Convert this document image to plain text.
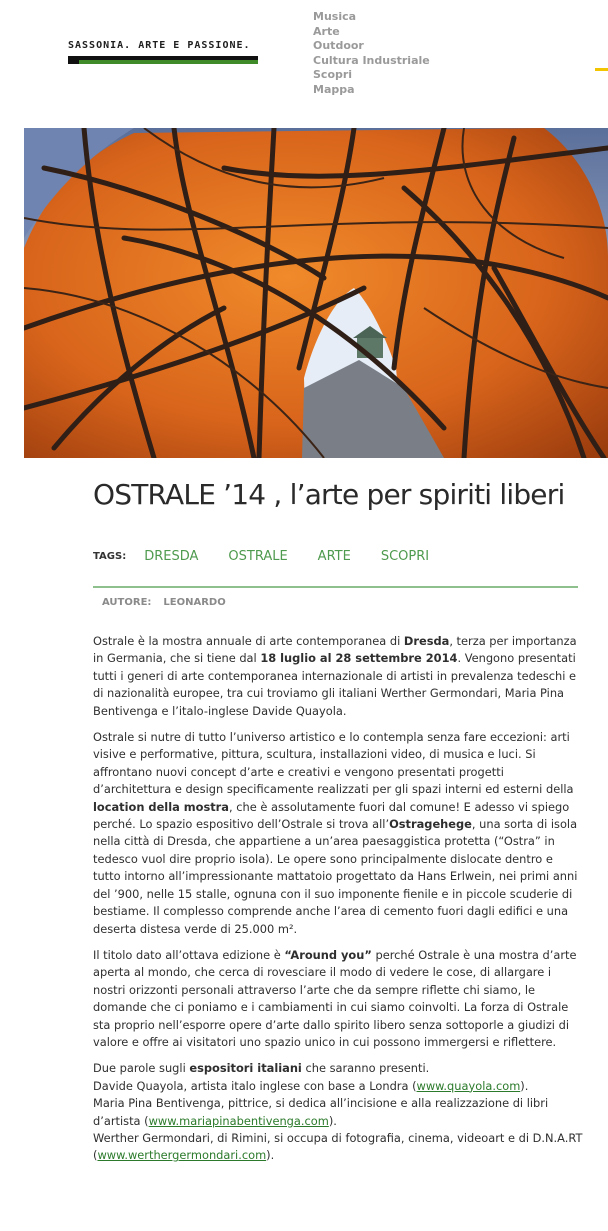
SASSONIA. ARTE E PASSIONE.
Musica
Arte
Outdoor
Cultura Industriale
Scopri
Mappa
OSTRALE ’14 , l’arte per spiriti liberi
TAGS: DRESDA OSTRALE ARTE SCOPRI
AUTORE: LEONARDO

Ostrale è la mostra annuale di arte contemporanea di Dresda, terza per importanza in Germania, che si tiene dal 18 luglio al 28 settembre 2014. Vengono presentati tutti i generi di arte contemporanea internazionale di artisti in prevalenza tedeschi e di nazionalità europee, tra cui troviamo gli italiani Werther Germondari, Maria Pina Bentivenga e l’italo-inglese Davide Quayola.

Ostrale si nutre di tutto l’universo artistico e lo contempla senza fare eccezioni: arti visive e performative, pittura, scultura, installazioni video, di musica e luci. Si affrontano nuovi concept d’arte e creativi e vengono presentati progetti d’architettura e design specificamente realizzati per gli spazi interni ed esterni della location della mostra, che è assolutamente fuori dal comune! E adesso vi spiego perché. Lo spazio espositivo dell’Ostrale si trova all’Ostragehege, una sorta di isola nella città di Dresda, che appartiene a un’area paesaggistica protetta (“Ostra” in tedesco vuol dire proprio isola). Le opere sono principalmente dislocate dentro e tutto intorno all’impressionante mattatoio progettato da Hans Erlwein, nei primi anni del ’900, nelle 15 stalle, ognuna con il suo imponente fienile e in piccole scuderie di bestiame. Il complesso comprende anche l’area di cemento fuori dagli edifici e una deserta distesa verde di 25.000 m².

Il titolo dato all’ottava edizione è “Around you” perché Ostrale è una mostra d’arte aperta al mondo, che cerca di rovesciare il modo di vedere le cose, di allargare i nostri orizzonti personali attraverso l’arte che da sempre riflette chi siamo, le domande che ci poniamo e i cambiamenti in cui siamo coinvolti. La forza di Ostrale sta proprio nell’esporre opere d’arte dallo spirito libero senza sottoporle a giudizi di valore e offre ai visitatori uno spazio unico in cui possono immergersi e riflettere.

Due parole sugli espositori italiani che saranno presenti.
Davide Quayola, artista italo inglese con base a Londra (www.quayola.com).
Maria Pina Bentivenga, pittrice, si dedica all’incisione e alla realizzazione di libri d’artista (www.mariapinabentivenga.com).
Werther Germondari, di Rimini, si occupa di fotografia, cinema, videoart e di D.N.A.RT (www.werthergermondari.com).
